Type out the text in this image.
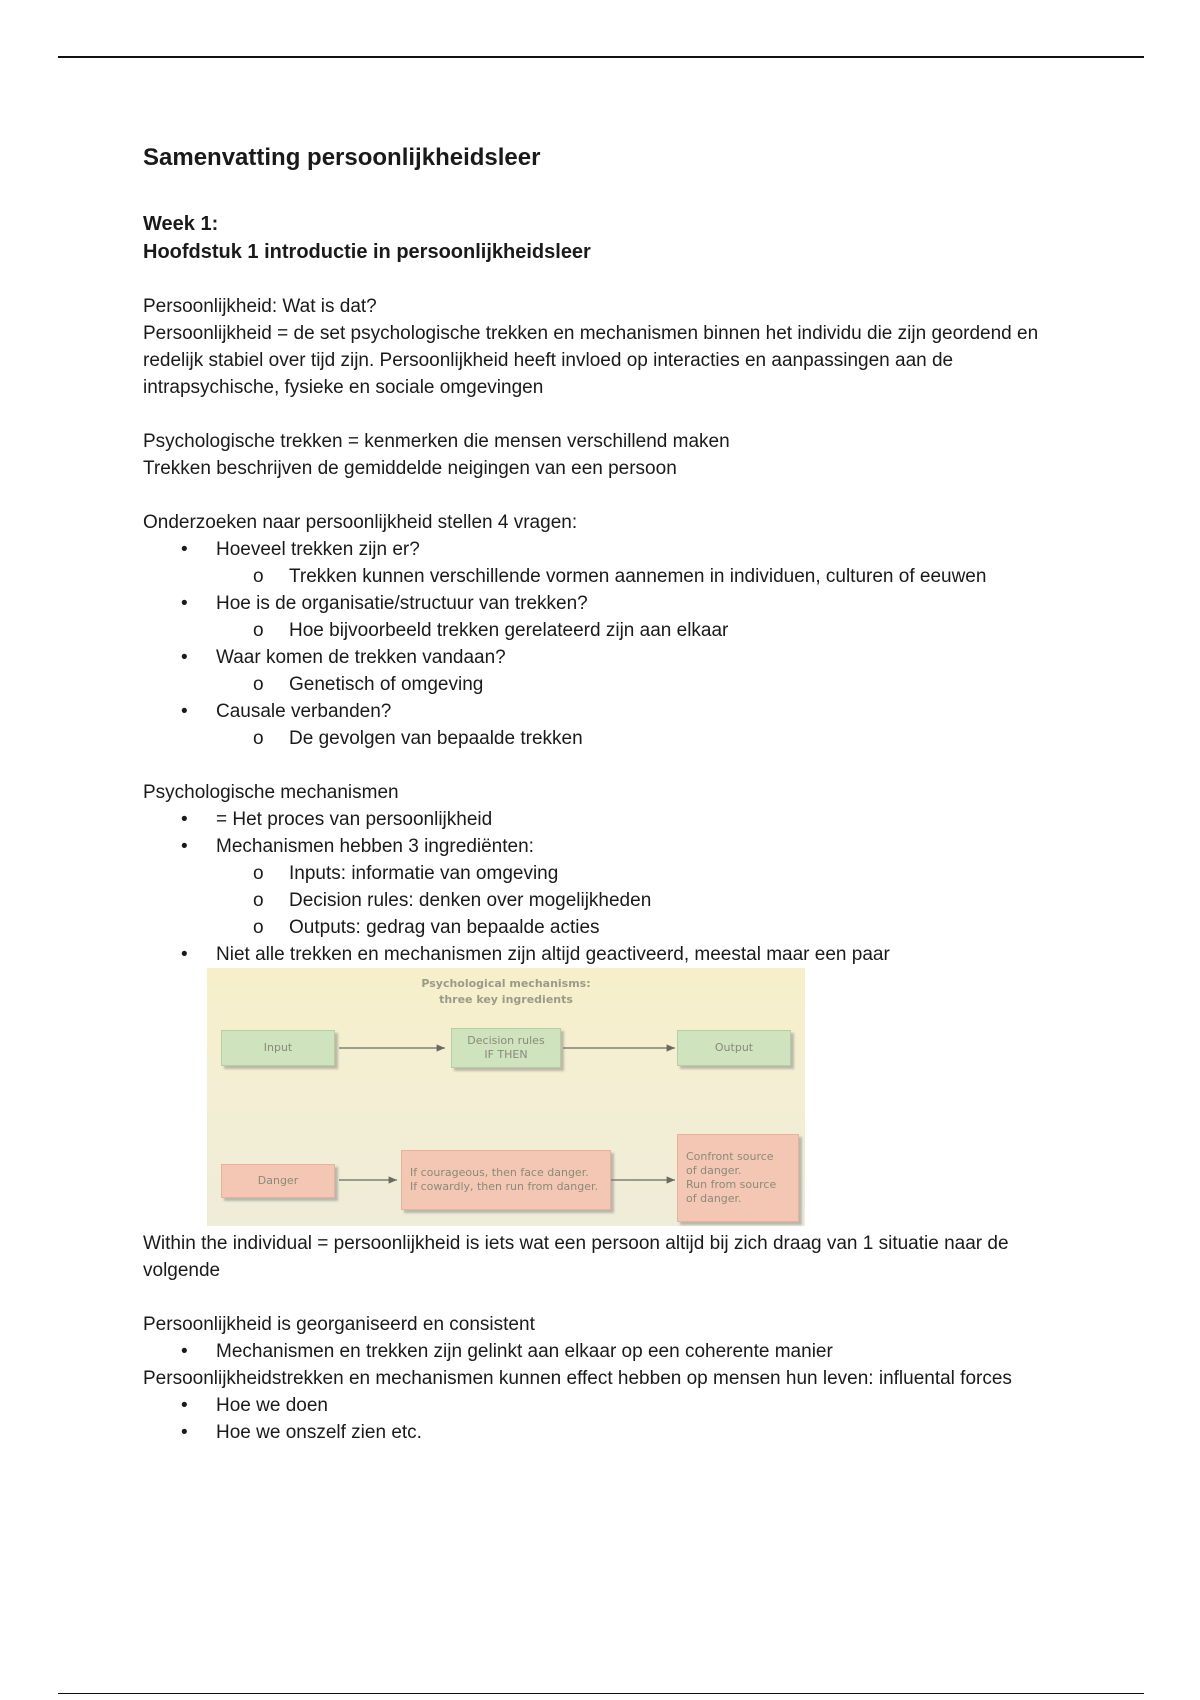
Samenvatting persoonlijkheidsleer

Week 1:

Hoofdstuk 1 introductie in persoonlijkheidsleer

Persoonlijkheid: Wat is dat?

Persoonlijkheid = de set psychologische trekken en mechanismen binnen het individu die zijn geordend en redelijk stabiel over tijd zijn. Persoonlijkheid heeft invloed op interacties en aanpassingen aan de intrapsychische, fysieke en sociale omgevingen

Psychologische trekken = kenmerken die mensen verschillend maken

Trekken beschrijven de gemiddelde neigingen van een persoon

Onderzoeken naar persoonlijkheid stellen 4 vragen:

• Hoeveel trekken zijn er?
o Trekken kunnen verschillende vormen aannemen in individuen, culturen of eeuwen
• Hoe is de organisatie/structuur van trekken?
o Hoe bijvoorbeeld trekken gerelateerd zijn aan elkaar
• Waar komen de trekken vandaan?
o Genetisch of omgeving
• Causale verbanden?
o De gevolgen van bepaalde trekken

Psychologische mechanismen

• = Het proces van persoonlijkheid
• Mechanismen hebben 3 ingrediënten:
o Inputs: informatie van omgeving
o Decision rules: denken over mogelijkheden
o Outputs: gedrag van bepaalde acties
• Niet alle trekken en mechanismen zijn altijd geactiveerd, meestal maar een paar
Psychological mechanisms:
three key ingredients
Input
Decision rules
IF THEN
Output
Danger
If courageous, then face danger.
If cowardly, then run from danger.
Confront source
of danger.
Run from source
of danger.

Within the individual = persoonlijkheid is iets wat een persoon altijd bij zich draag van 1 situatie naar de volgende

Persoonlijkheid is georganiseerd en consistent

• Mechanismen en trekken zijn gelinkt aan elkaar op een coherente manier

Persoonlijkheidstrekken en mechanismen kunnen effect hebben op mensen hun leven: influental forces

• Hoe we doen
• Hoe we onszelf zien etc.
